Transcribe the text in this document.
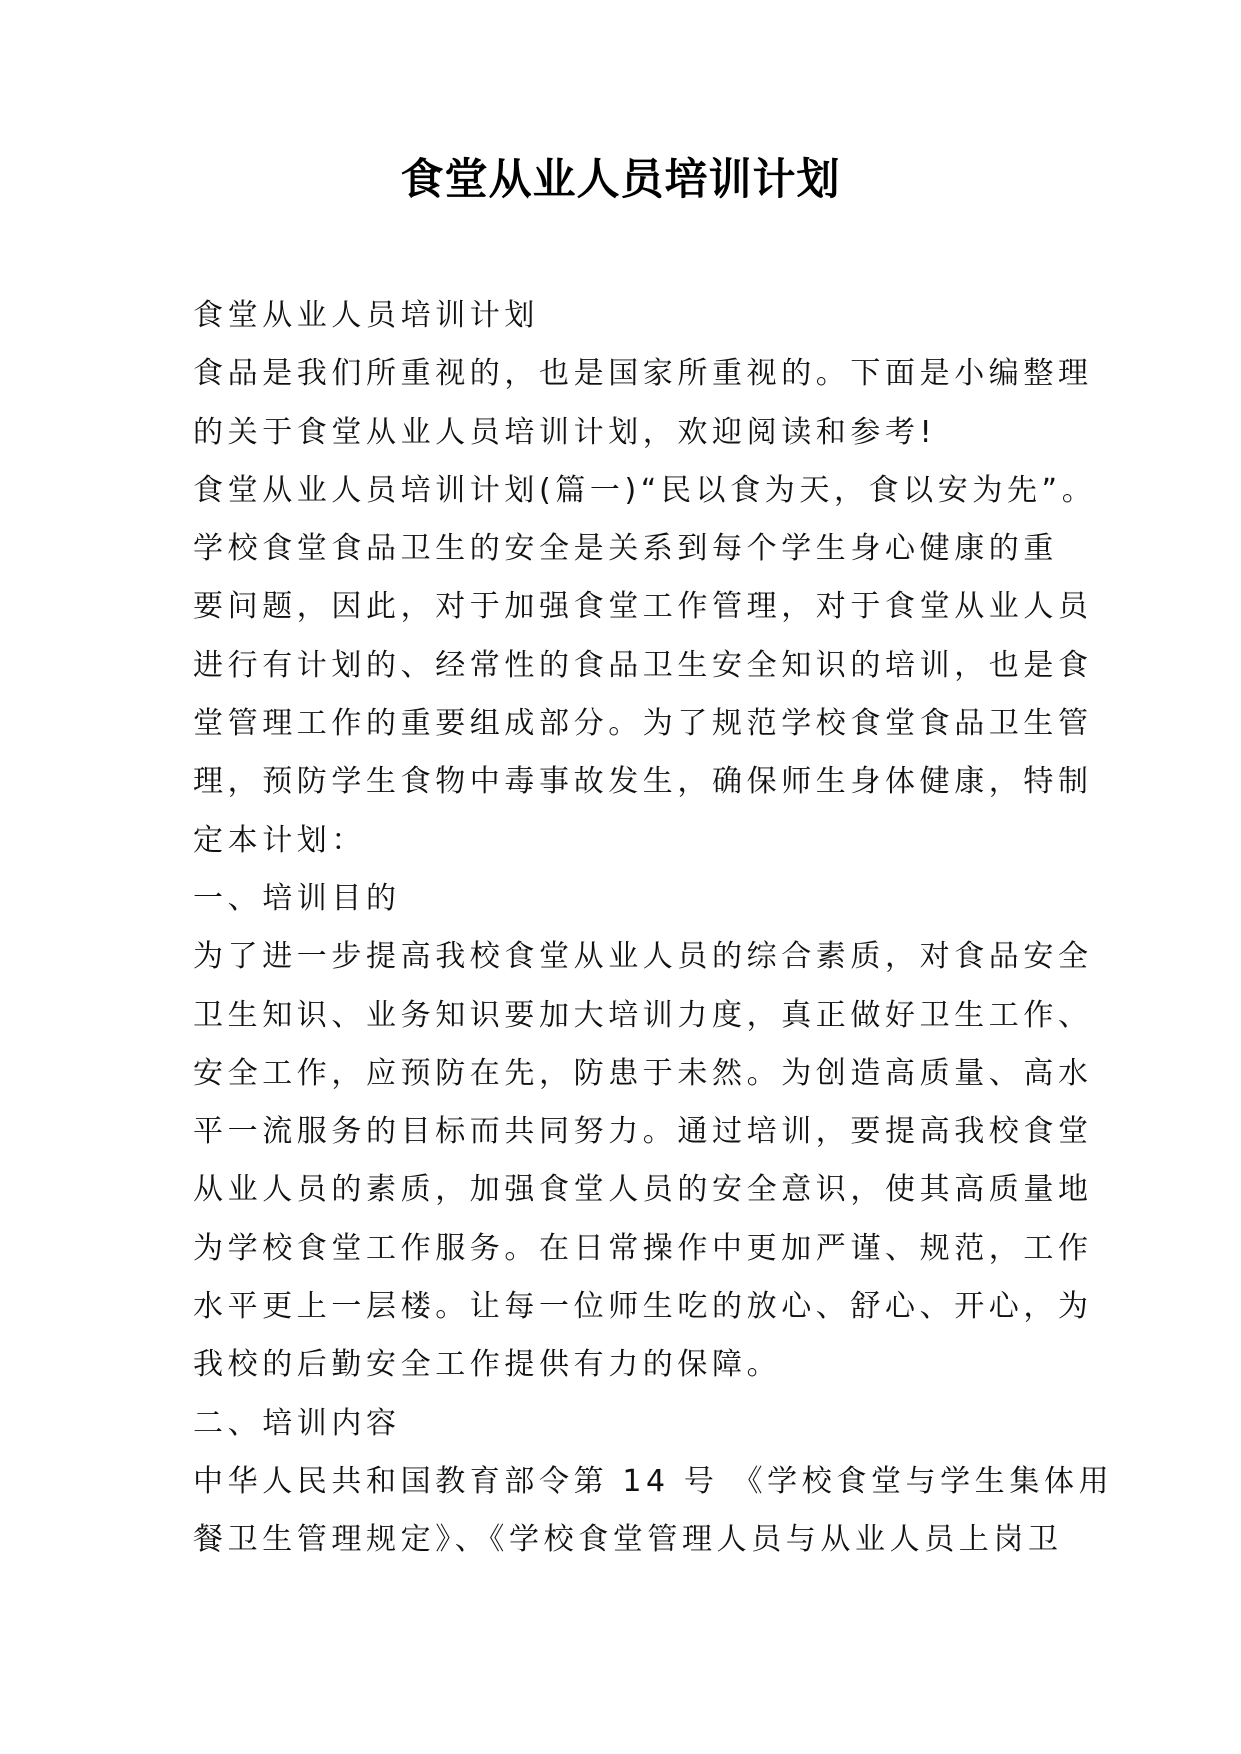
食堂从业人员培训计划
食堂从业人员培训计划
食品是我们所重视的，也是国家所重视的。下面是小编整理
的关于食堂从业人员培训计划，欢迎阅读和参考!
食堂从业人员培训计划(篇一)“民以食为天，食以安为先”。
学校食堂食品卫生的安全是关系到每个学生身心健康的重
要问题，因此，对于加强食堂工作管理，对于食堂从业人员
进行有计划的、经常性的食品卫生安全知识的培训，也是食
堂管理工作的重要组成部分。为了规范学校食堂食品卫生管
理，预防学生食物中毒事故发生，确保师生身体健康，特制
定本计划：
一、培训目的
为了进一步提高我校食堂从业人员的综合素质，对食品安全
卫生知识、业务知识要加大培训力度，真正做好卫生工作、
安全工作，应预防在先，防患于未然。为创造高质量、高水
平一流服务的目标而共同努力。通过培训，要提高我校食堂
从业人员的素质，加强食堂人员的安全意识，使其高质量地
为学校食堂工作服务。在日常操作中更加严谨、规范，工作
水平更上一层楼。让每一位师生吃的放心、舒心、开心，为
我校的后勤安全工作提供有力的保障。
二、培训内容
中华人民共和国教育部令第 14 号 《学校食堂与学生集体用
餐卫生管理规定》、《学校食堂管理人员与从业人员上岗卫
